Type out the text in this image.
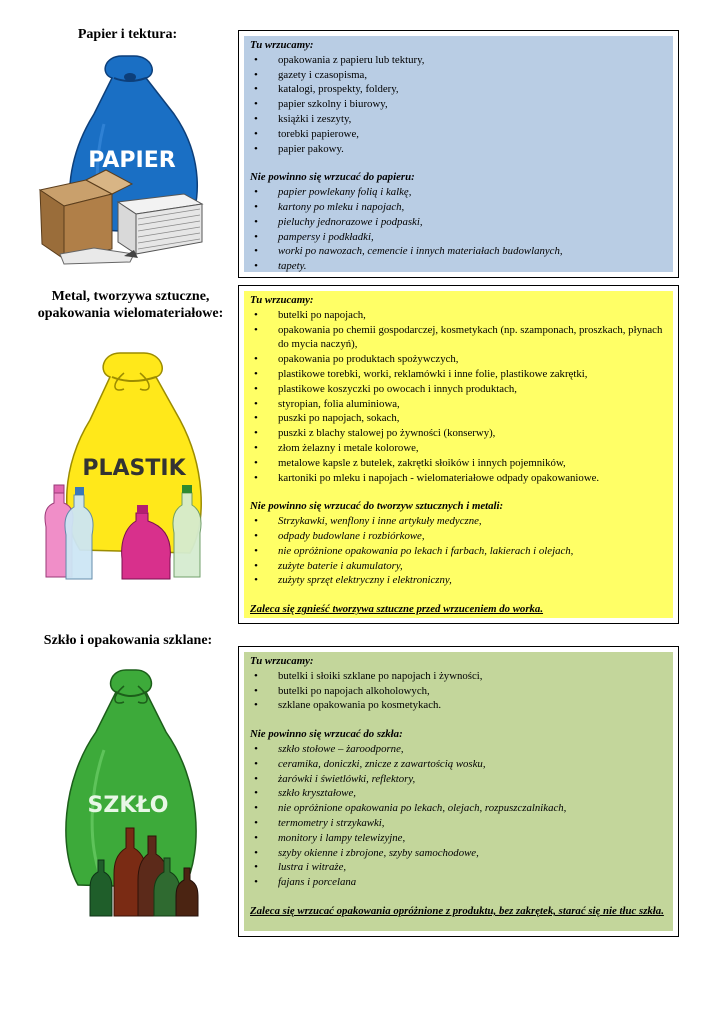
Papier i tektura:
PAPIER
Tu wrzucamy:
• opakowania z papieru lub tektury,
• gazety i czasopisma,
• katalogi, prospekty, foldery,
• papier szkolny i biurowy,
• książki i zeszyty,
• torebki papierowe,
• papier pakowy.
Nie powinno się wrzucać do papieru:
• papier powlekany folią i kalkę,
• kartony po mleku i napojach,
• pieluchy jednorazowe i podpaski,
• pampersy i podkładki,
• worki po nawozach, cemencie i innych materiałach budowlanych,
• tapety.
Metal, tworzywa sztuczne,
opakowania wielomateriałowe:
PLASTIK
Tu wrzucamy:
• butelki po napojach,
• opakowania po chemii gospodarczej, kosmetykach (np. szamponach, proszkach, płynach do mycia naczyń),
• opakowania po produktach spożywczych,
• plastikowe torebki, worki, reklamówki i inne folie, plastikowe zakrętki,
• plastikowe koszyczki po owocach i innych produktach,
• styropian, folia aluminiowa,
• puszki po napojach, sokach,
• puszki z blachy stalowej po żywności (konserwy),
• złom żelazny i metale kolorowe,
• metalowe kapsle z butelek, zakrętki słoików i innych pojemników,
• kartoniki po mleku i napojach - wielomateriałowe odpady opakowaniowe.
Nie powinno się wrzucać do tworzyw sztucznych i metali:
• Strzykawki, wenflony i inne artykuły medyczne,
• odpady budowlane i rozbiórkowe,
• nie opróżnione opakowania po lekach i farbach, lakierach i olejach,
• zużyte baterie i akumulatory,
• zużyty sprzęt elektryczny i elektroniczny,
Zaleca się zgnieść tworzywa sztuczne przed wrzuceniem do worka.
Szkło i opakowania szklane:
SZKŁO
Tu wrzucamy:
• butelki i słoiki szklane po napojach i żywności,
• butelki po napojach alkoholowych,
• szklane opakowania po kosmetykach.
Nie powinno się wrzucać do szkła:
• szkło stołowe – żaroodporne,
• ceramika, doniczki, znicze z zawartością wosku,
• żarówki i świetlówki, reflektory,
• szkło kryształowe,
• nie opróżnione opakowania po lekach, olejach, rozpuszczalnikach,
• termometry i strzykawki,
• monitory i lampy telewizyjne,
• szyby okienne i zbrojone, szyby samochodowe,
• lustra i witraże,
• fajans i porcelana
Zaleca się wrzucać opakowania opróżnione z produktu, bez zakrętek, starać się nie tłuc szkła.
